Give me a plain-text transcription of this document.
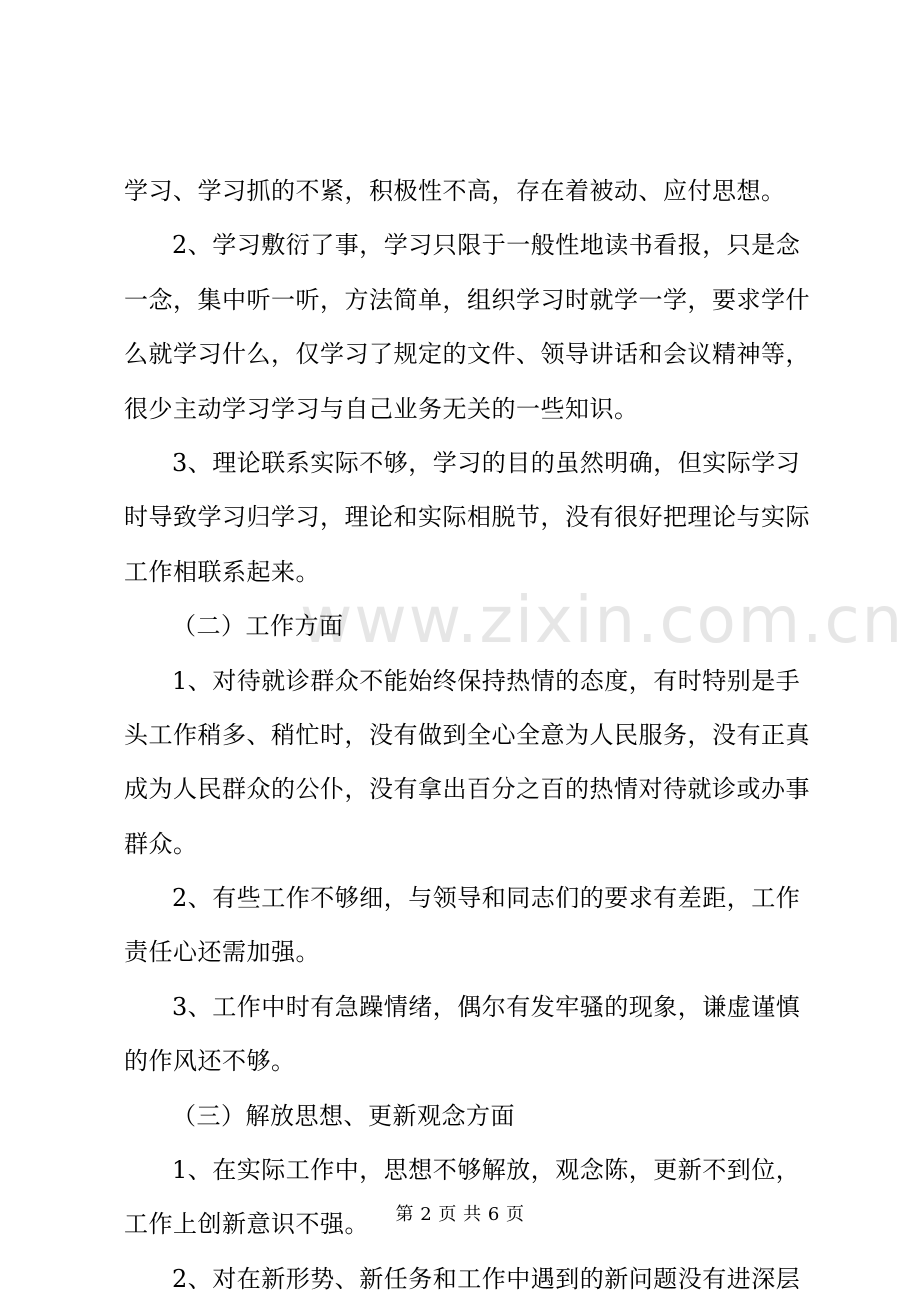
www.zixin.com.cn
学习、学习抓的不紧，积极性不高，存在着被动、应付思想。
2、学习敷衍了事，学习只限于一般性地读书看报，只是念
一念，集中听一听，方法简单，组织学习时就学一学，要求学什
么就学习什么，仅学习了规定的文件、领导讲话和会议精神等，
很少主动学习学习与自己业务无关的一些知识。
3、理论联系实际不够，学习的目的虽然明确，但实际学习
时导致学习归学习，理论和实际相脱节，没有很好把理论与实际
工作相联系起来。
（二）工作方面
1、对待就诊群众不能始终保持热情的态度，有时特别是手
头工作稍多、稍忙时，没有做到全心全意为人民服务，没有正真
成为人民群众的公仆，没有拿出百分之百的热情对待就诊或办事
群众。
2、有些工作不够细，与领导和同志们的要求有差距，工作
责任心还需加强。
3、工作中时有急躁情绪，偶尔有发牢骚的现象，谦虚谨慎
的作风还不够。
（三）解放思想、更新观念方面
1、在实际工作中，思想不够解放，观念陈，更新不到位，
工作上创新意识不强。
2、对在新形势、新任务和工作中遇到的新问题没有进深层
第 2 页 共 6 页
